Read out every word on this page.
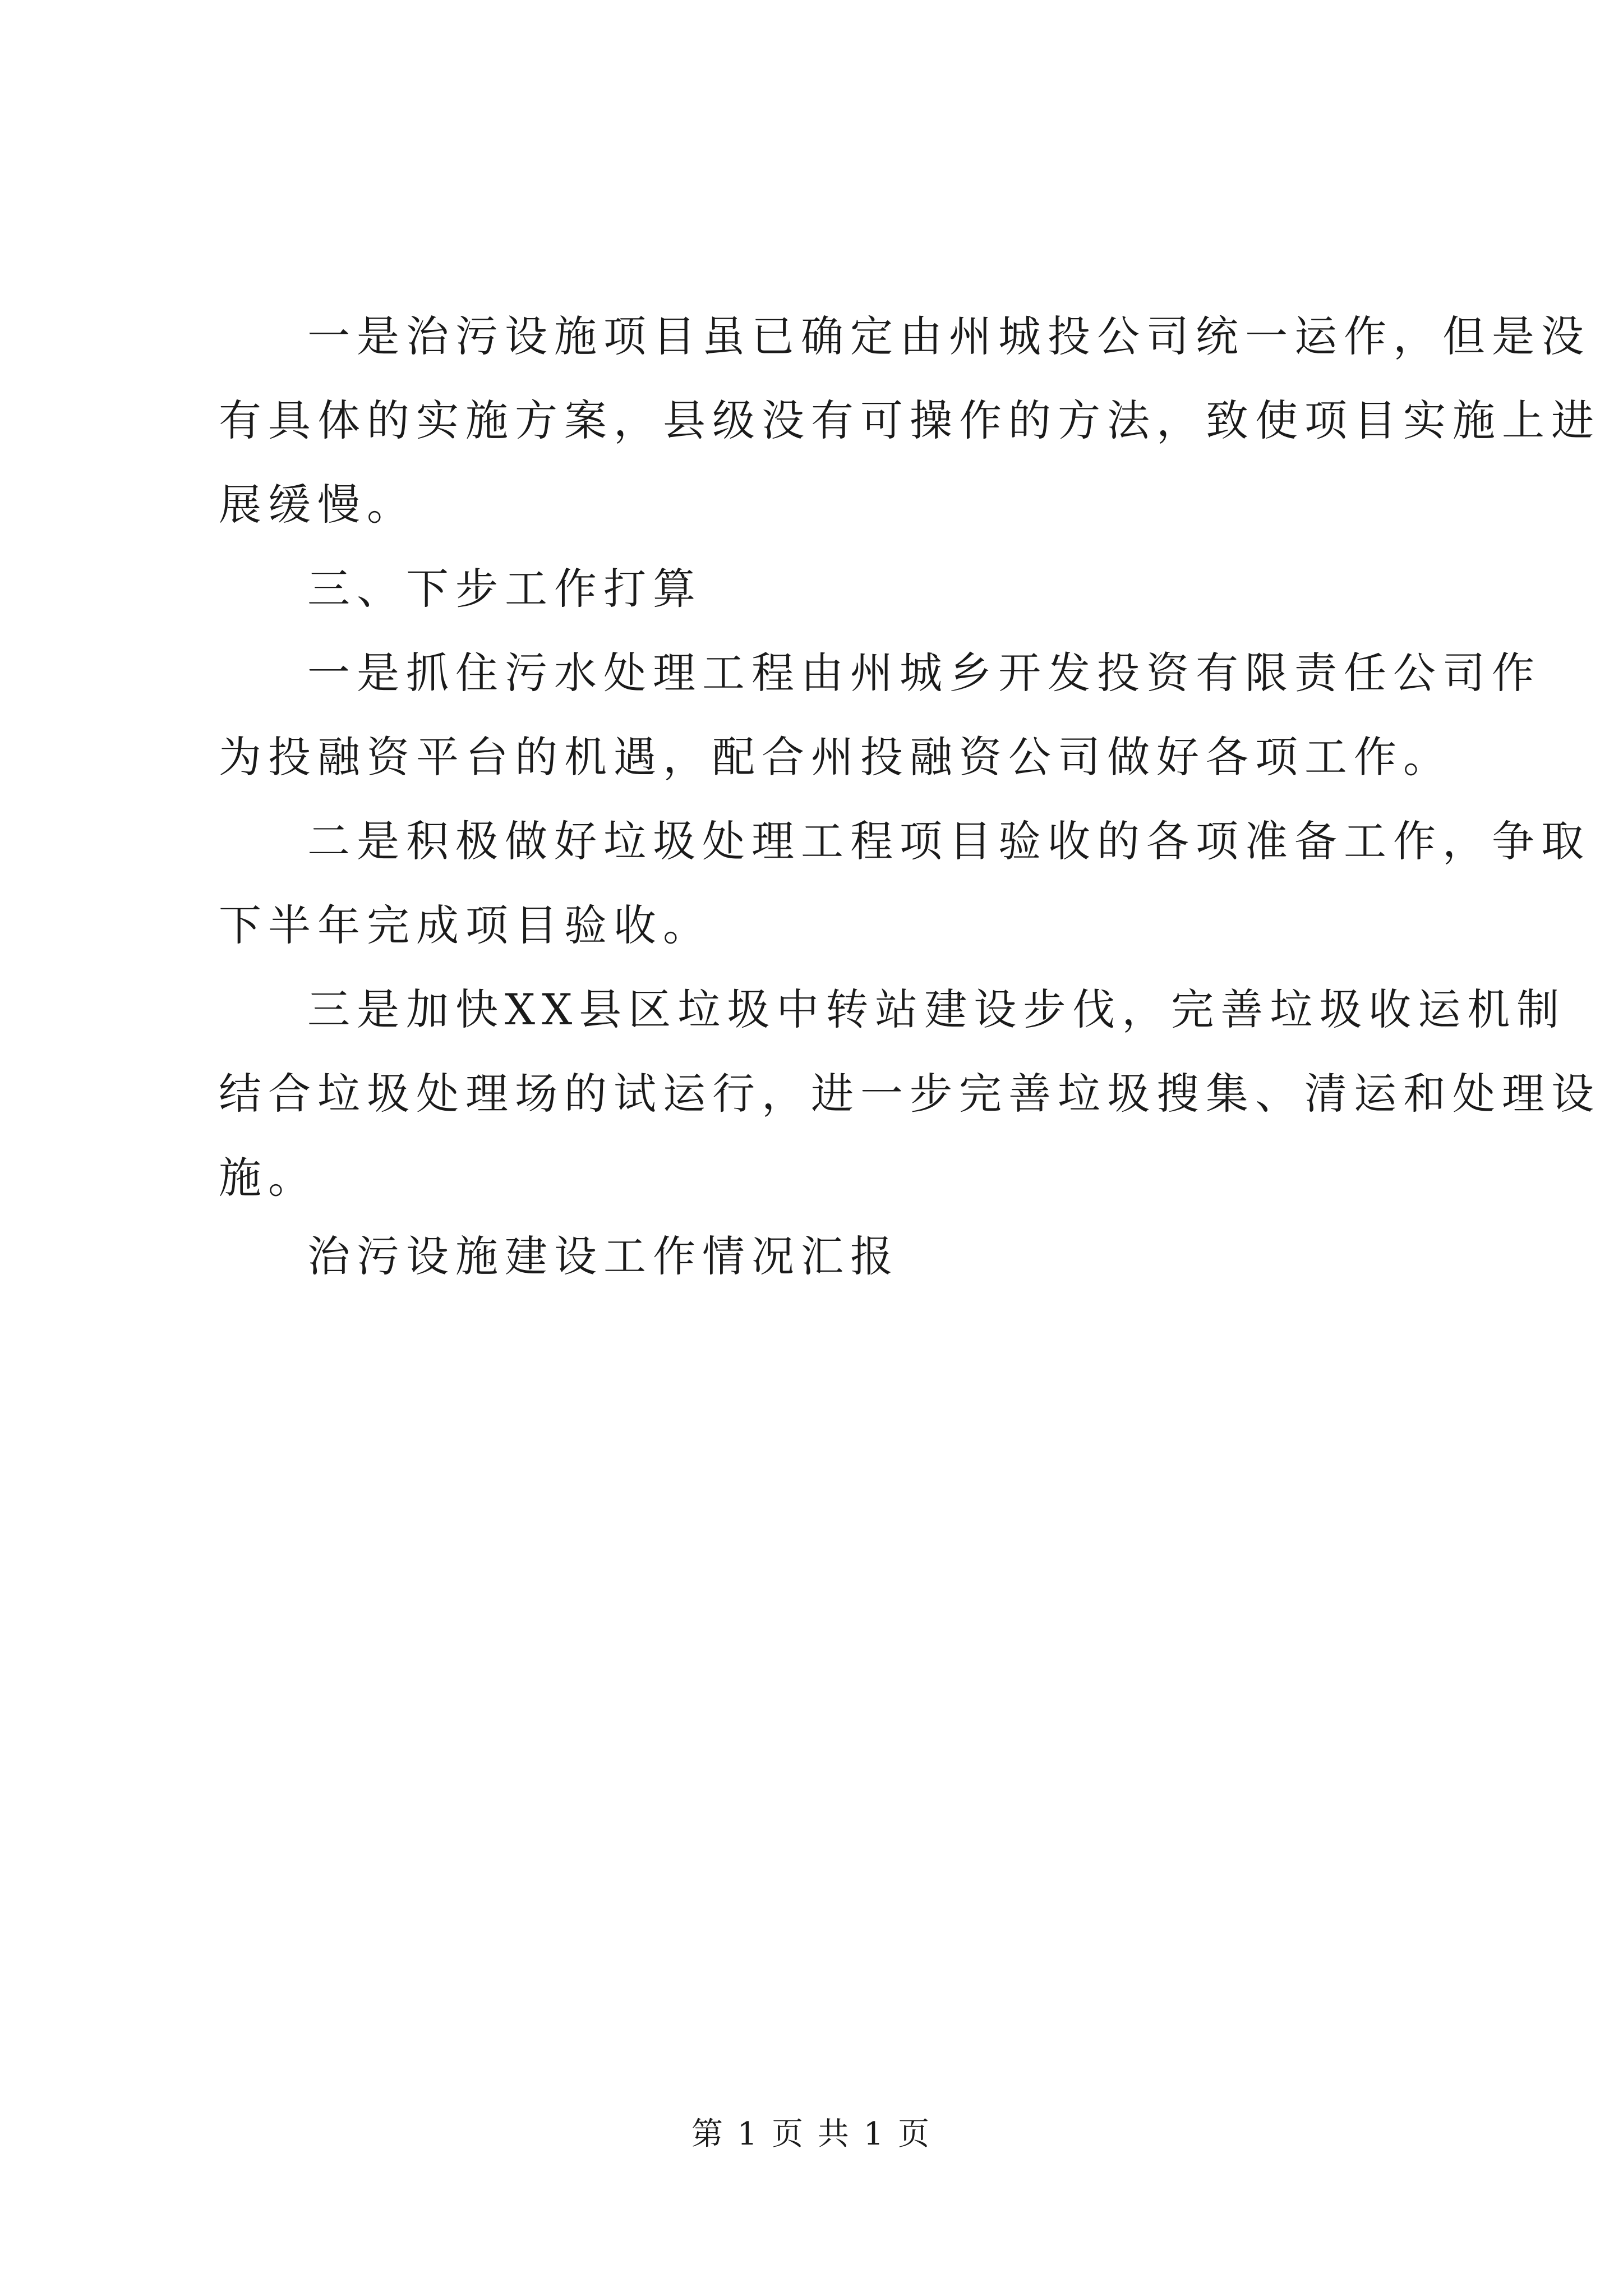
一是治污设施项目虽已确定由州城投公司统一运作，但是没
有具体的实施方案，县级没有可操作的方法，致使项目实施上进
展缓慢。
三、下步工作打算
一是抓住污水处理工程由州城乡开发投资有限责任公司作
为投融资平台的机遇，配合州投融资公司做好各项工作。
二是积极做好垃圾处理工程项目验收的各项准备工作，争取
下半年完成项目验收。
三是加快XX县区垃圾中转站建设步伐，完善垃圾收运机制
结合垃圾处理场的试运行，进一步完善垃圾搜集、清运和处理设
施。
治污设施建设工作情况汇报
第 1 页 共 1 页
